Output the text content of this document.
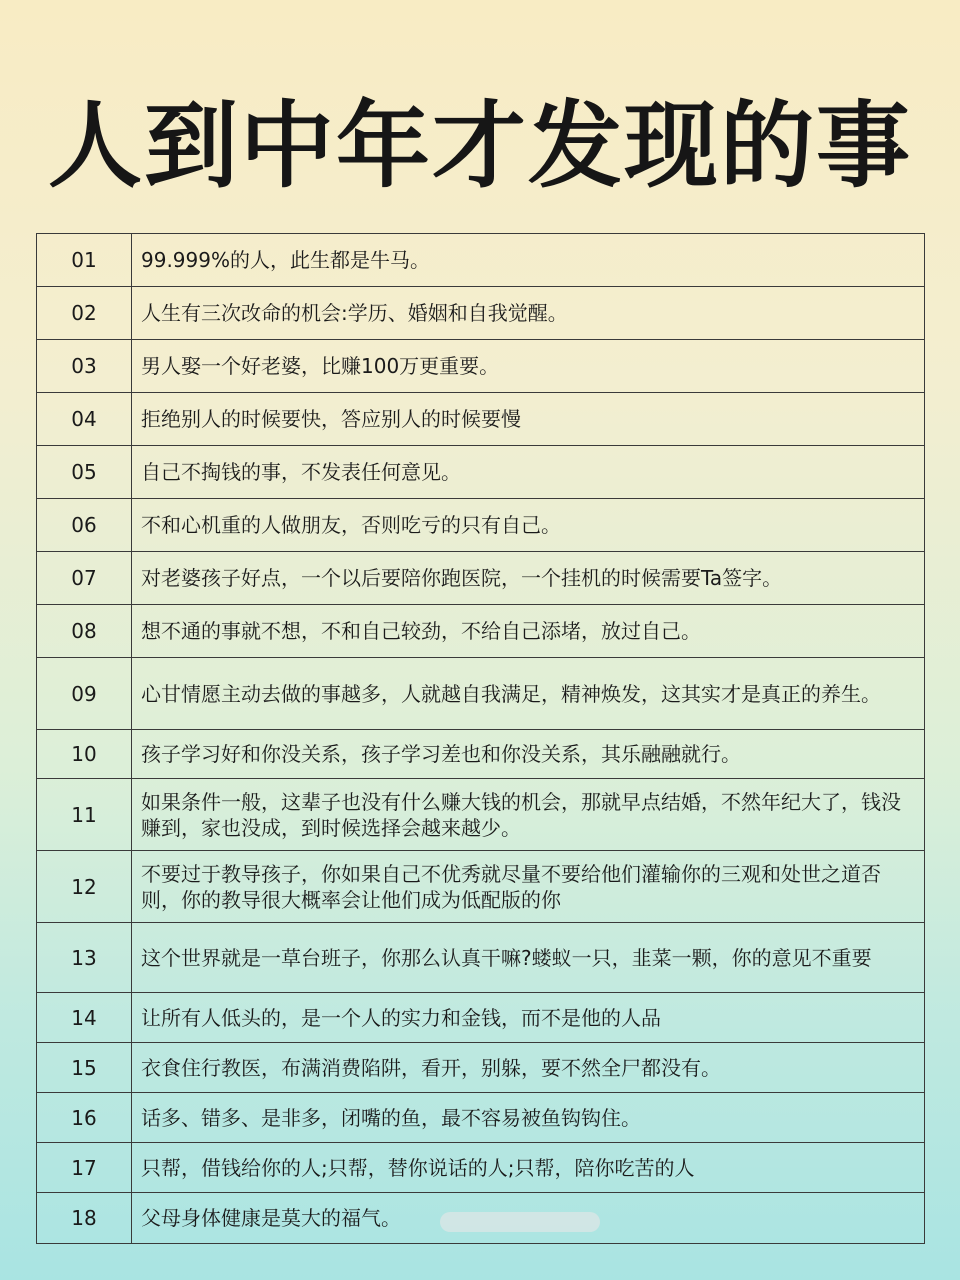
人到中年才发现的事
01	99.999%的人，此生都是牛马。
02	人生有三次改命的机会:学历、婚姻和自我觉醒。
03	男人娶一个好老婆，比赚100万更重要。
04	拒绝别人的时候要快，答应别人的时候要慢
05	自己不掏钱的事，不发表任何意见。
06	不和心机重的人做朋友，否则吃亏的只有自己。
07	对老婆孩子好点，一个以后要陪你跑医院，一个挂机的时候需要Ta签字。
08	想不通的事就不想，不和自己较劲，不给自己添堵，放过自己。
09	心甘情愿主动去做的事越多，人就越自我满足，精神焕发，这其实才是真正的养生。
10	孩子学习好和你没关系，孩子学习差也和你没关系，其乐融融就行。
11	如果条件一般，这辈子也没有什么赚大钱的机会，那就早点结婚，不然年纪大了，钱没赚到，家也没成，到时候选择会越来越少。
12	不要过于教导孩子，你如果自己不优秀就尽量不要给他们灌输你的三观和处世之道否则，你的教导很大概率会让他们成为低配版的你
13	这个世界就是一草台班子，你那么认真干嘛?蝼蚁一只，韭菜一颗，你的意见不重要
14	让所有人低头的，是一个人的实力和金钱，而不是他的人品
15	衣食住行教医，布满消费陷阱，看开，别躲，要不然全尸都没有。
16	话多、错多、是非多，闭嘴的鱼，最不容易被鱼钩钩住。
17	只帮，借钱给你的人;只帮，替你说话的人;只帮，陪你吃苦的人
18	父母身体健康是莫大的福气。
